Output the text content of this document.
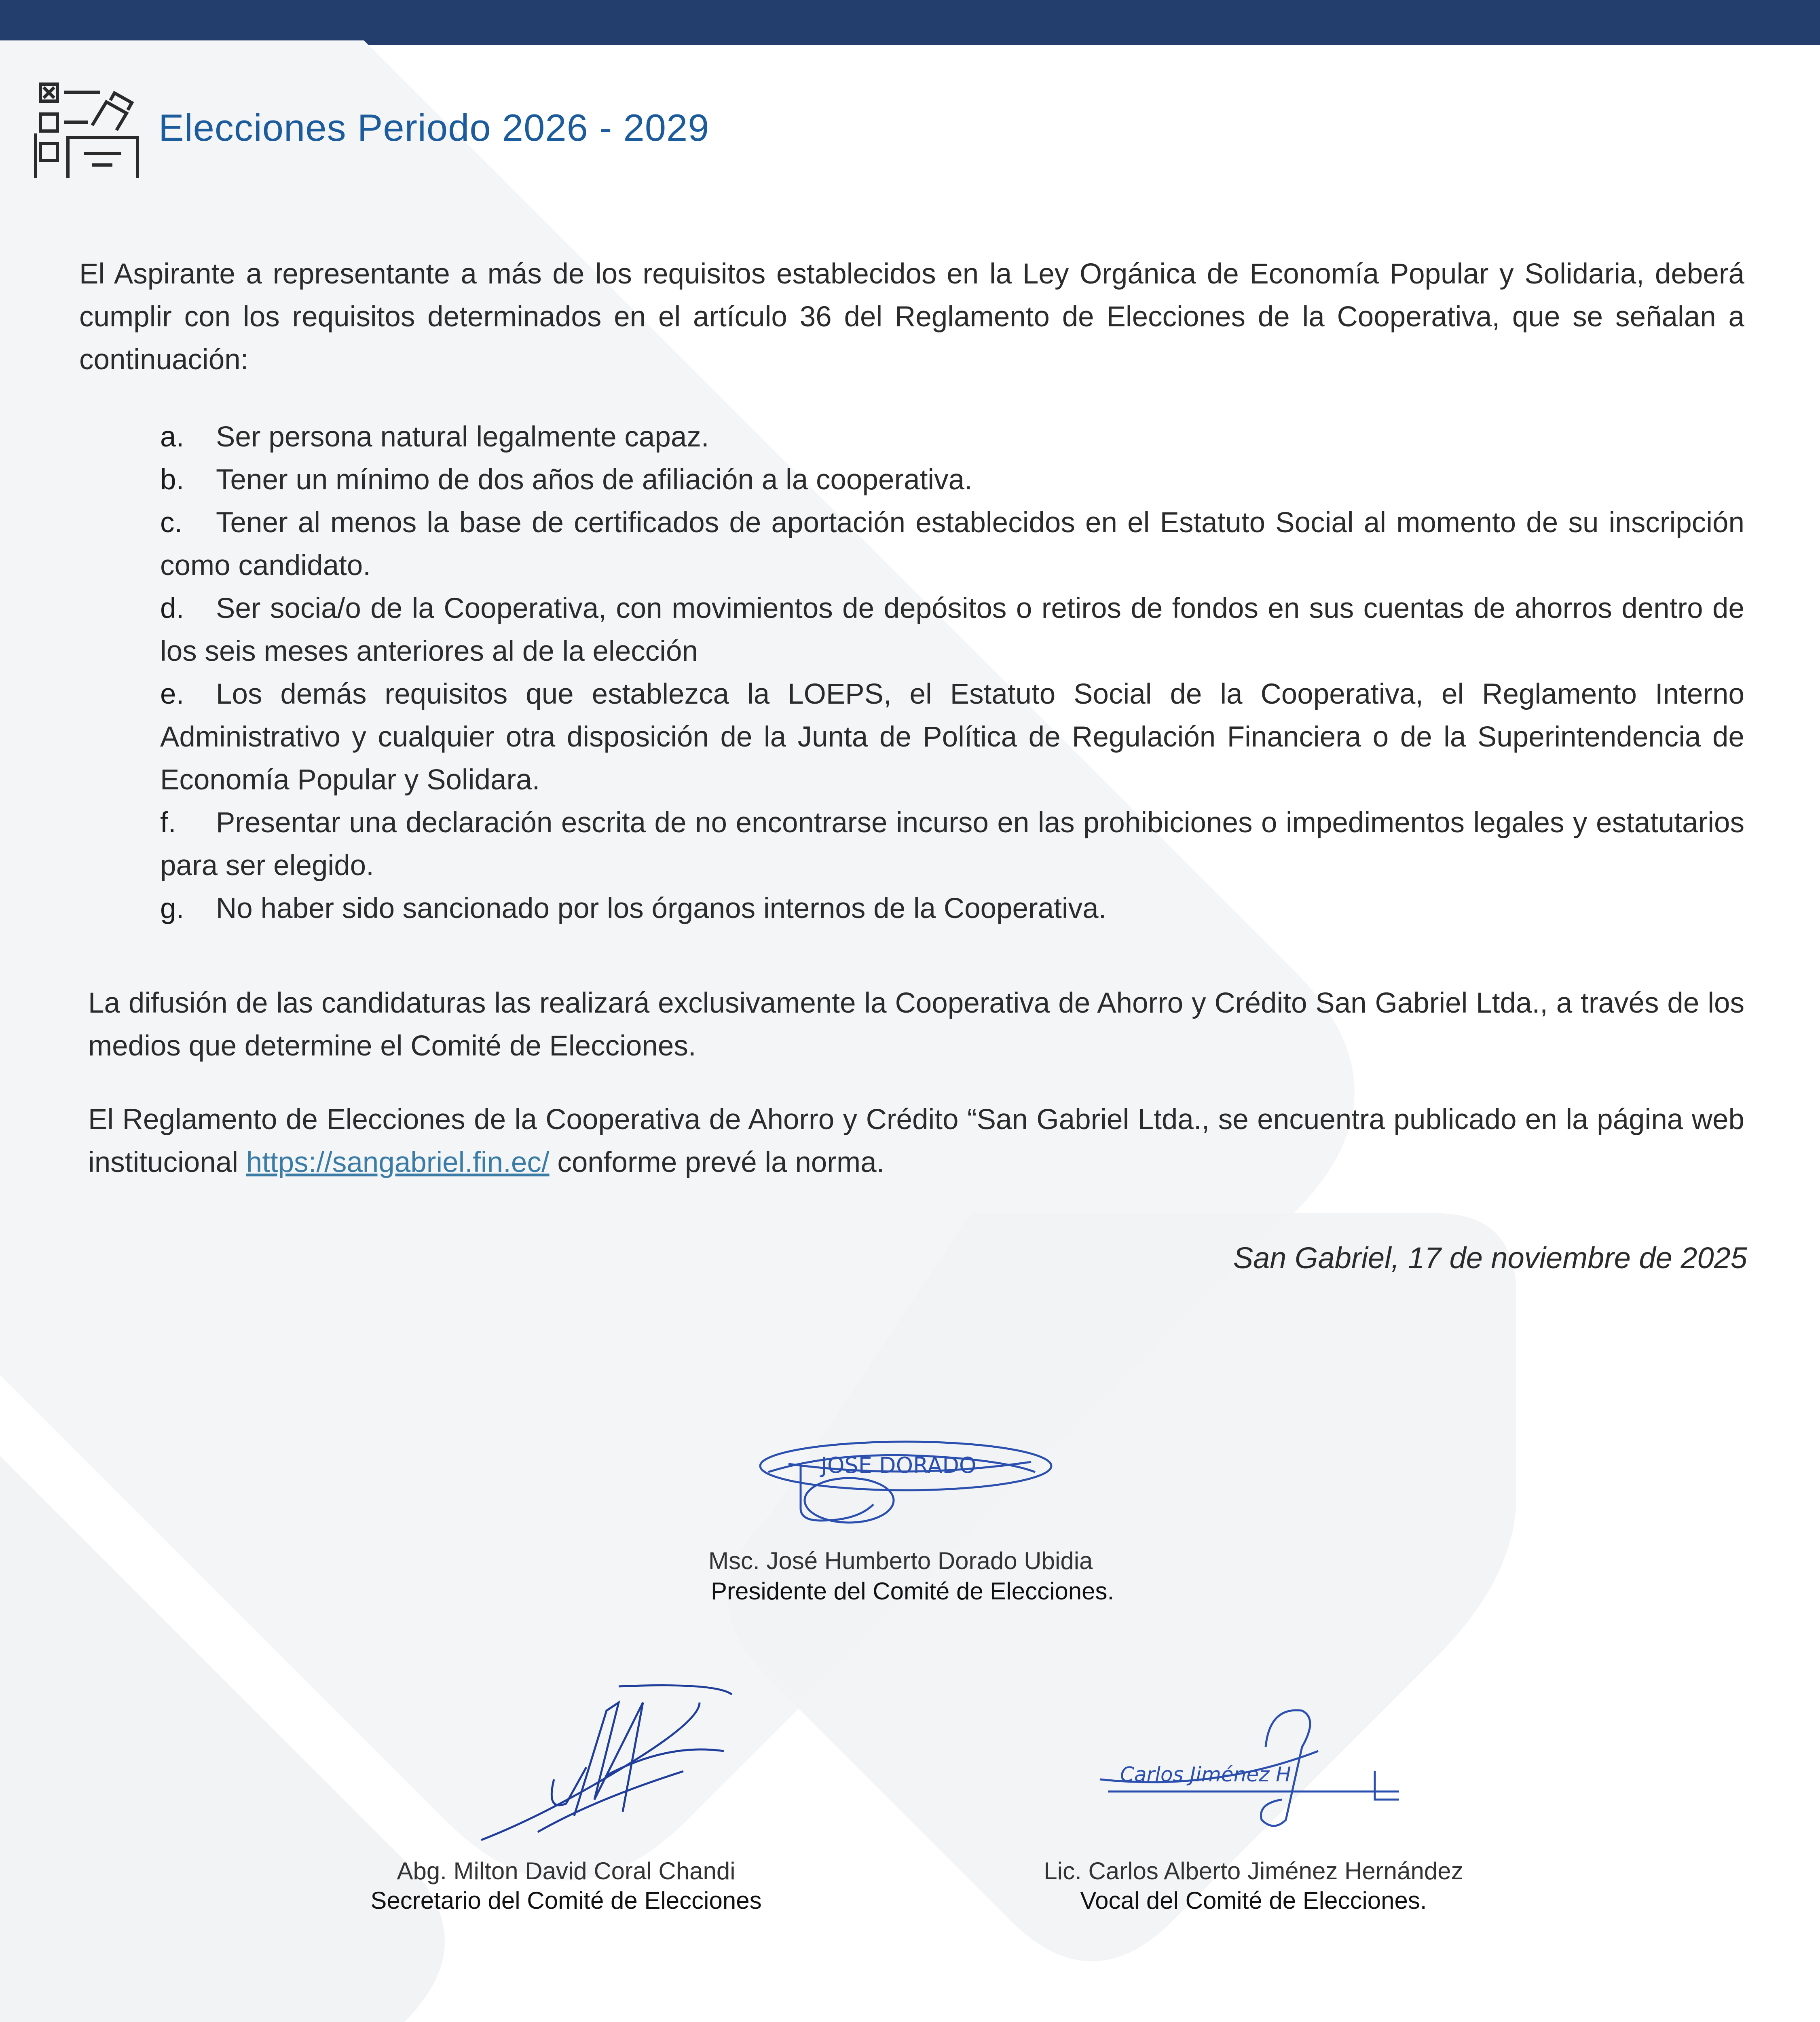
Elecciones Periodo 2026 - 2029

El Aspirante a representante a más de los requisitos establecidos en la Ley Orgánica de Economía Popular y Solidaria, deberá cumplir con los requisitos determinados en el artículo 36 del Reglamento de Elecciones de la Cooperativa, que se señalan a continuación:

a. Ser persona natural legalmente capaz.
b. Tener un mínimo de dos años de afiliación a la cooperativa.
c. Tener al menos la base de certificados de aportación establecidos en el Estatuto Social al momento de su inscripción como candidato.
d. Ser socia/o de la Cooperativa, con movimientos de depósitos o retiros de fondos en sus cuentas de ahorros dentro de los seis meses anteriores al de la elección
e. Los demás requisitos que establezca la LOEPS, el Estatuto Social de la Cooperativa, el Reglamento Interno Administrativo y cualquier otra disposición de la Junta de Política de Regulación Financiera o de la Superintendencia de Economía Popular y Solidara.
f. Presentar una declaración escrita de no encontrarse incurso en las prohibiciones o impedimentos legales y estatutarios para ser elegido.
g. No haber sido sancionado por los órganos internos de la Cooperativa.

La difusión de las candidaturas las realizará exclusivamente la Cooperativa de Ahorro y Crédito San Gabriel Ltda., a través de los medios que determine el Comité de Elecciones.

El Reglamento de Elecciones de la Cooperativa de Ahorro y Crédito “San Gabriel Ltda., se encuentra publicado en la página web institucional https://sangabriel.fin.ec/ conforme prevé la norma.

San Gabriel, 17 de noviembre de 2025

JOSE DORADO

Msc. José Humberto Dorado Ubidia

Presidente del Comité de Elecciones.

Abg. Milton David Coral Chandi

Secretario del Comité de Elecciones

Carlos Jiménez H

Lic. Carlos Alberto Jiménez Hernández

Vocal del Comité de Elecciones.
